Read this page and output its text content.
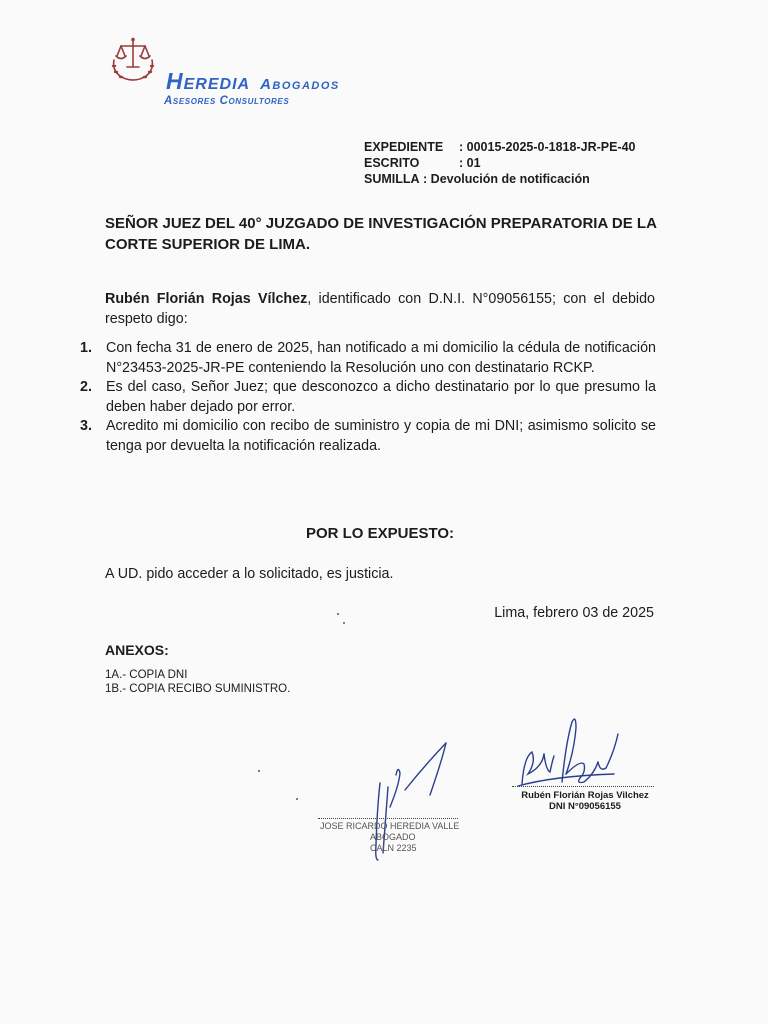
Heredia Abogados
Asesores Consultores
EXPEDIENTE	: 00015-2025-0-1818-JR-PE-40
ESCRITO	: 01
SUMILLA : Devolución de notificación
SEÑOR JUEZ DEL 40° JUZGADO DE INVESTIGACIÓN PREPARATORIA DE LA CORTE SUPERIOR DE LIMA.
Rubén Florián Rojas Vílchez, identificado con D.N.I. N°09056155; con el debido respeto digo:
1. Con fecha 31 de enero de 2025, han notificado a mi domicilio la cédula de notificación N°23453-2025-JR-PE conteniendo la Resolución uno con destinatario RCKP.
2. Es del caso, Señor Juez; que desconozco a dicho destinatario por lo que presumo la deben haber dejado por error.
3. Acredito mi domicilio con recibo de suministro y copia de mi DNI; asimismo solicito se tenga por devuelta la notificación realizada.
POR LO EXPUESTO:
A UD. pido acceder a lo solicitado, es justicia.
Lima, febrero 03 de 2025
ANEXOS:
1A.- COPIA DNI
1B.- COPIA RECIBO SUMINISTRO.
JOSE RICARDO HEREDIA VALLE
ABOGADO
CALN 2235
Rubén Florián Rojas Vilchez
DNI N°09056155
